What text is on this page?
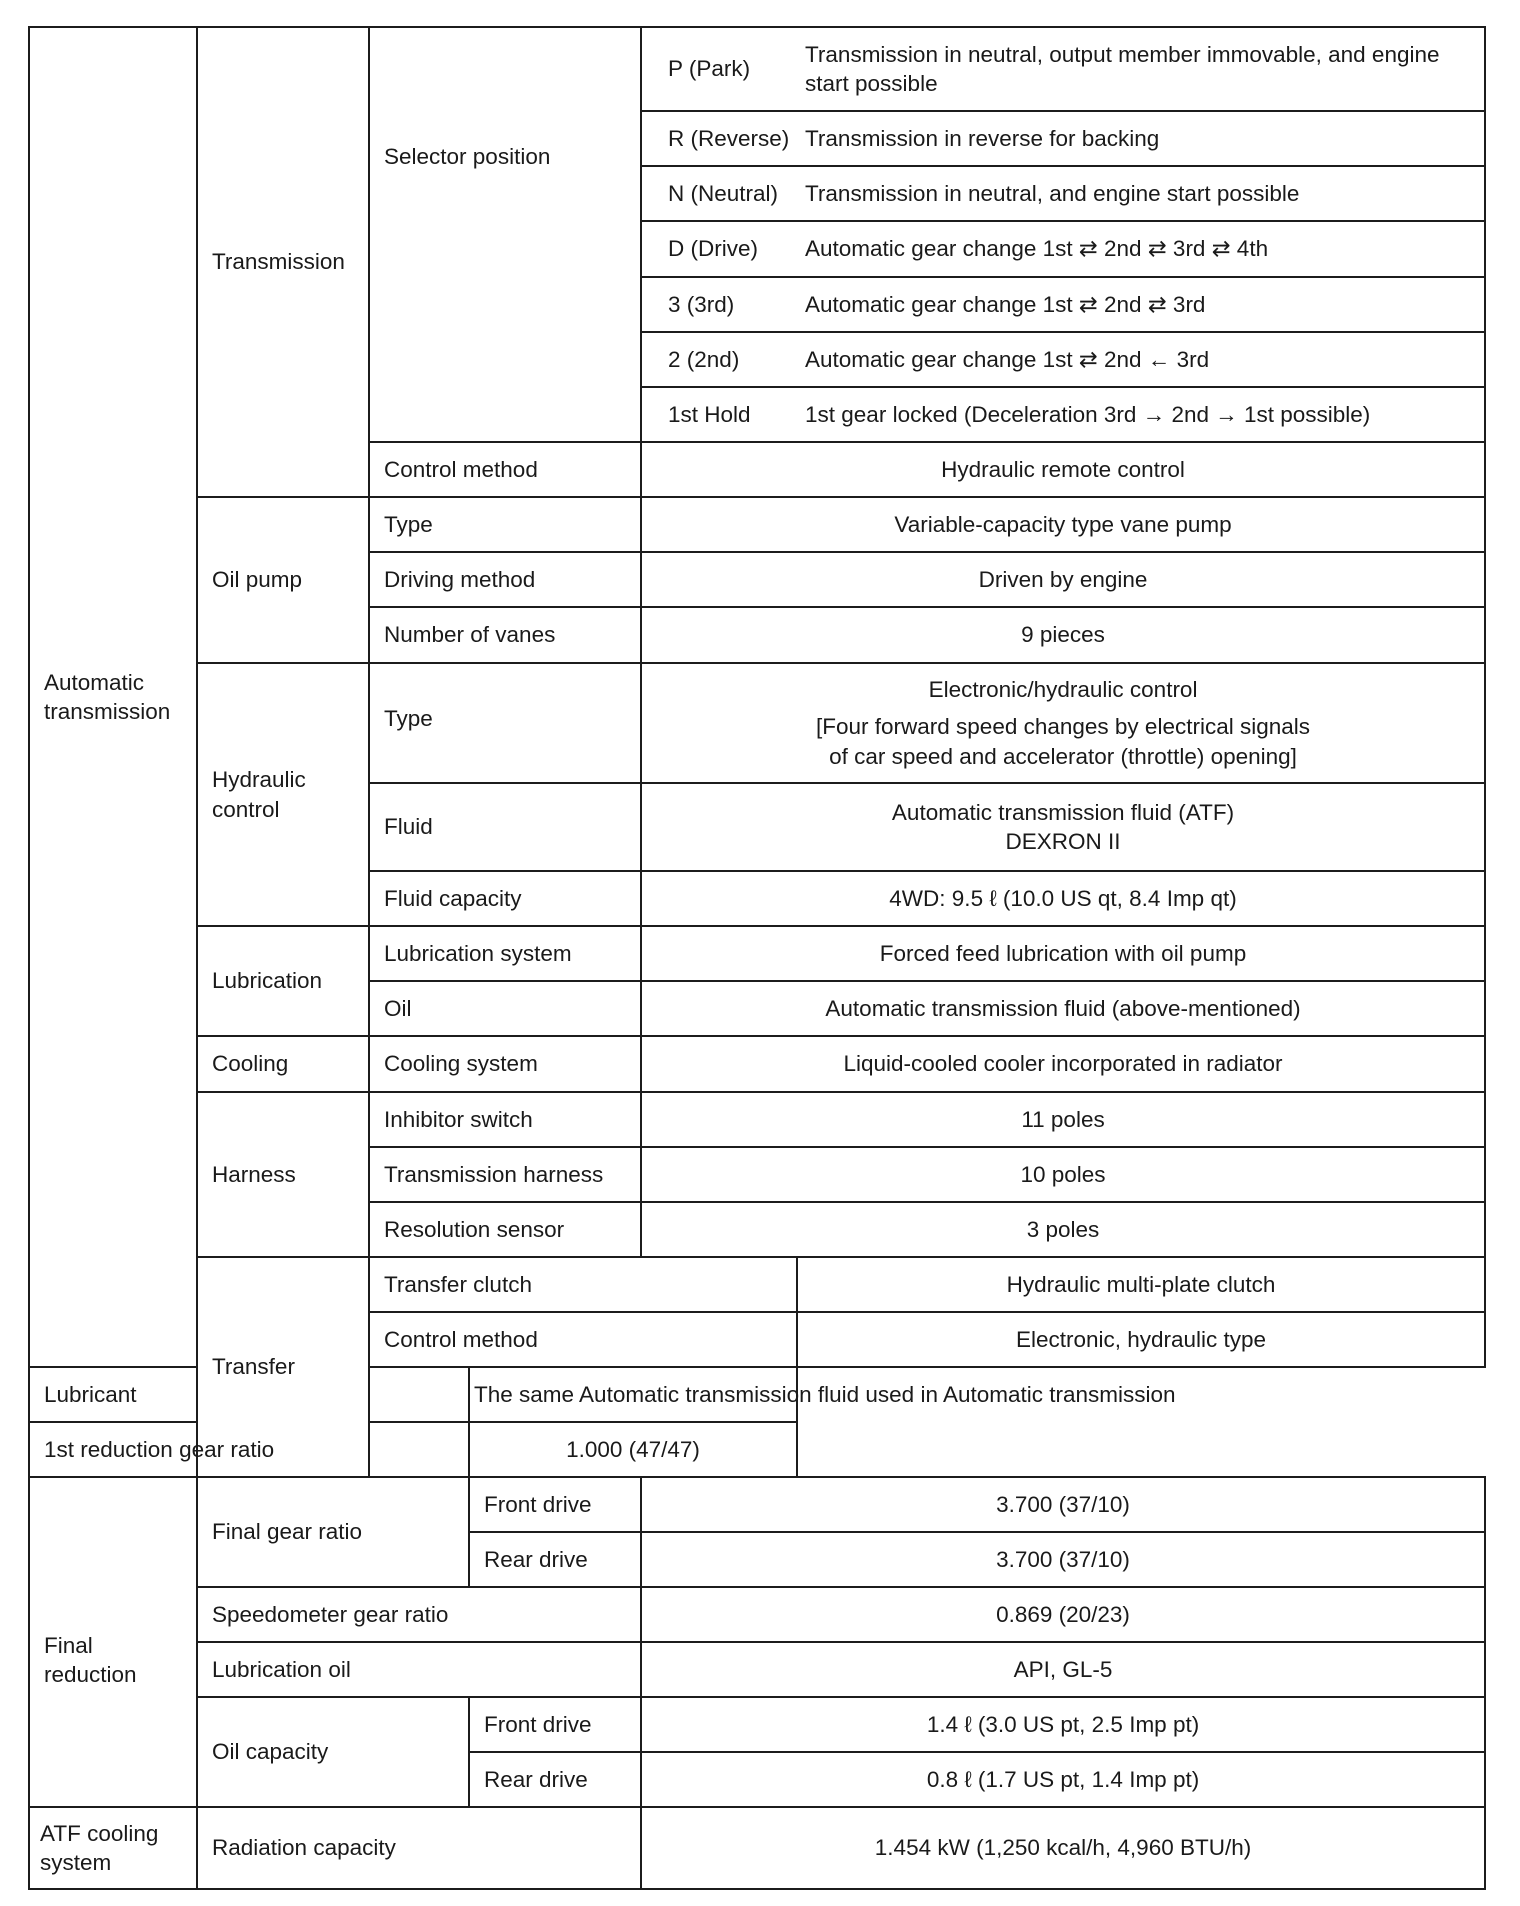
Automatic transmission	Transmission	Selector position		P (Park)	Transmission in neutral, output member immovable, and engine start possible
				R (Reverse)	Transmission in reverse for backing
				N (Neutral)	Transmission in neutral, and engine start possible
				D (Drive)	Automatic gear change 1st ⇄ 2nd ⇄ 3rd ⇄ 4th
				3 (3rd)	Automatic gear change 1st ⇄ 2nd ⇄ 3rd
				2 (2nd)	Automatic gear change 1st ⇄ 2nd ← 3rd
				1st Hold	1st gear locked (Deceleration 3rd → 2nd → 1st possible)
		Control method		Hydraulic remote control	
	Oil pump	Type		Variable-capacity type vane pump	
		Driving method		Driven by engine	
		Number of vanes		9 pieces	
	Hydraulic control	Type		Electronic/hydraulic control
[Four forward speed changes by electrical signals
of car speed and accelerator (throttle) opening]	

		Fluid		Automatic transmission fluid (ATF)
DEXRON II	

		Fluid capacity		4WD: 9.5 ℓ (10.0 US qt, 8.4 Imp qt)	
	Lubrication	Lubrication system		Forced feed lubrication with oil pump	
		Oil		Automatic transmission fluid (above-mentioned)	
	Cooling	Cooling system		Liquid-cooled cooler incorporated in radiator	
	Harness	Inhibitor switch		11 poles	
		Transmission harness		10 poles	
		Resolution sensor		3 poles	
	Transfer	Transfer clutch			Hydraulic multi-plate clutch
		Control method			Electronic, hydraulic type
Lubricant			The same Automatic transmission fluid used in Automatic transmission		
1st reduction gear ratio			1.000 (47/47)		
Final reduction	Final gear ratio		Front drive	3.700 (37/10)	
			Rear drive	3.700 (37/10)	
	Speedometer gear ratio			0.869 (20/23)	
	Lubrication oil			API, GL-5	
	Oil capacity		Front drive	1.4 ℓ (3.0 US pt, 2.5 Imp pt)	
			Rear drive	0.8 ℓ (1.7 US pt, 1.4 Imp pt)	
ATF cooling system	Radiation capacity			1.454 kW (1,250 kcal/h, 4,960 BTU/h)	
